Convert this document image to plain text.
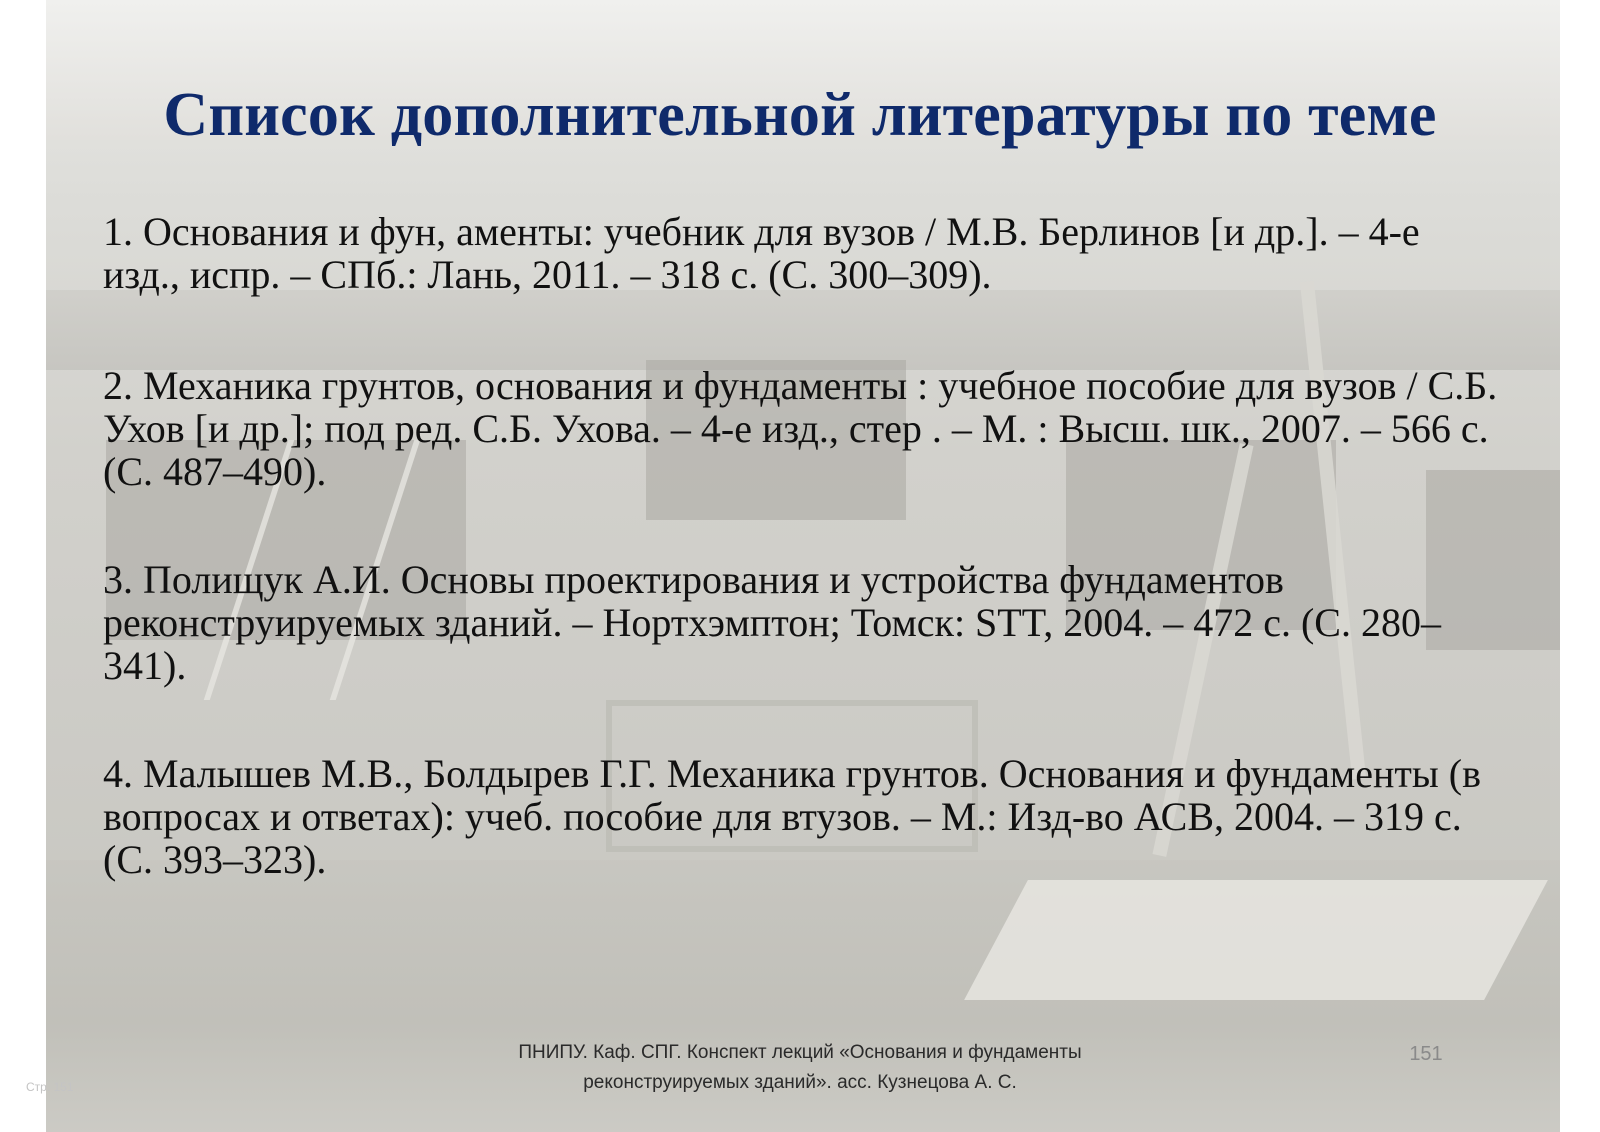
Список дополнительной литературы по теме

1. Основания и фун, аменты: учебник для вузов / М.В. Берлинов [и др.]. – 4-е изд., испр. – СПб.: Лань, 2011. – 318 с. (С. 300–309).

2. Механика грунтов, основания и фундаменты : учебное пособие для вузов / С.Б. Ухов [и др.]; под ред. С.Б. Ухова. – 4-е изд., стер . – М. : Высш. шк., 2007. – 566 с. (С. 487–490).

3. Полищук А.И. Основы проектирования и устройства фундаментов реконструируемых зданий. – Нортхэмптон; Томск: STT, 2004. – 472 с. (С. 280–341).

4. Малышев М.В., Болдырев Г.Г. Механика грунтов. Основания и фундаменты (в вопросах и ответах): учеб. пособие для втузов. – М.: Изд-во АСВ, 2004. – 319 с. (С. 393–323).

ПНИПУ. Каф. СПГ. Конспект лекций «Основания и фундаменты
реконструируемых зданий». асс. Кузнецова А. С.
151
Стр. 151
